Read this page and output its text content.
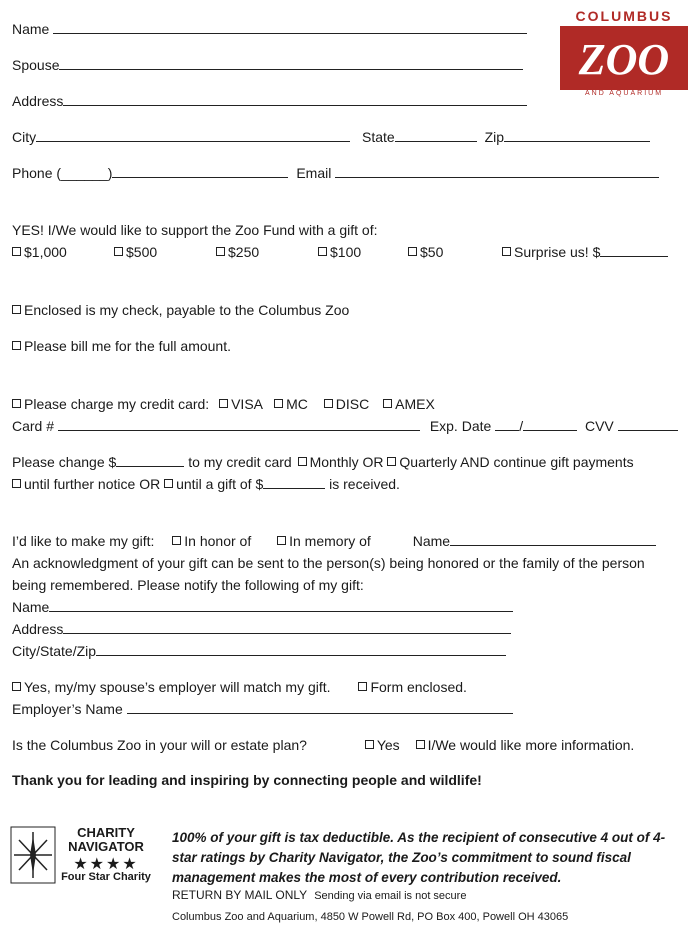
COLUMBUS
ZOO
AND AQUARIUM
Name
Spouse
Address
City	State	Zip
Phone (______)	Email
YES! I/We would like to support the Zoo Fund with a gift of:
$1,000	$500	$250	$100	$50	Surprise us! $
Enclosed is my check, payable to the Columbus Zoo
Please bill me for the full amount.
Please charge my credit card: VISA MC DISC AMEX
Card #	Exp. Date /	CVV
Please change $	to my credit card Monthly OR Quarterly AND continue gift payments
until further notice OR until a gift of $	is received.
I’d like to make my gift: In honor of	In memory of	Name
An acknowledgment of your gift can be sent to the person(s) being honored or the family of the person
being remembered. Please notify the following of my gift:
Name
Address
City/State/Zip
Yes, my/my spouse’s employer will match my gift.	Form enclosed.
Employer’s Name
Is the Columbus Zoo in your will or estate plan?	Yes I/We would like more information.
Thank you for leading and inspiring by connecting people and wildlife!
CHARITY
NAVIGATOR
★★★★
Four Star Charity
100% of your gift is tax deductible. As the recipient of consecutive 4 out of 4-star ratings by Charity Navigator, the Zoo’s commitment to sound fiscal management makes the most of every contribution received.
RETURN BY MAIL ONLY Sending via email is not secure
Columbus Zoo and Aquarium, 4850 W Powell Rd, PO Box 400, Powell OH 43065
